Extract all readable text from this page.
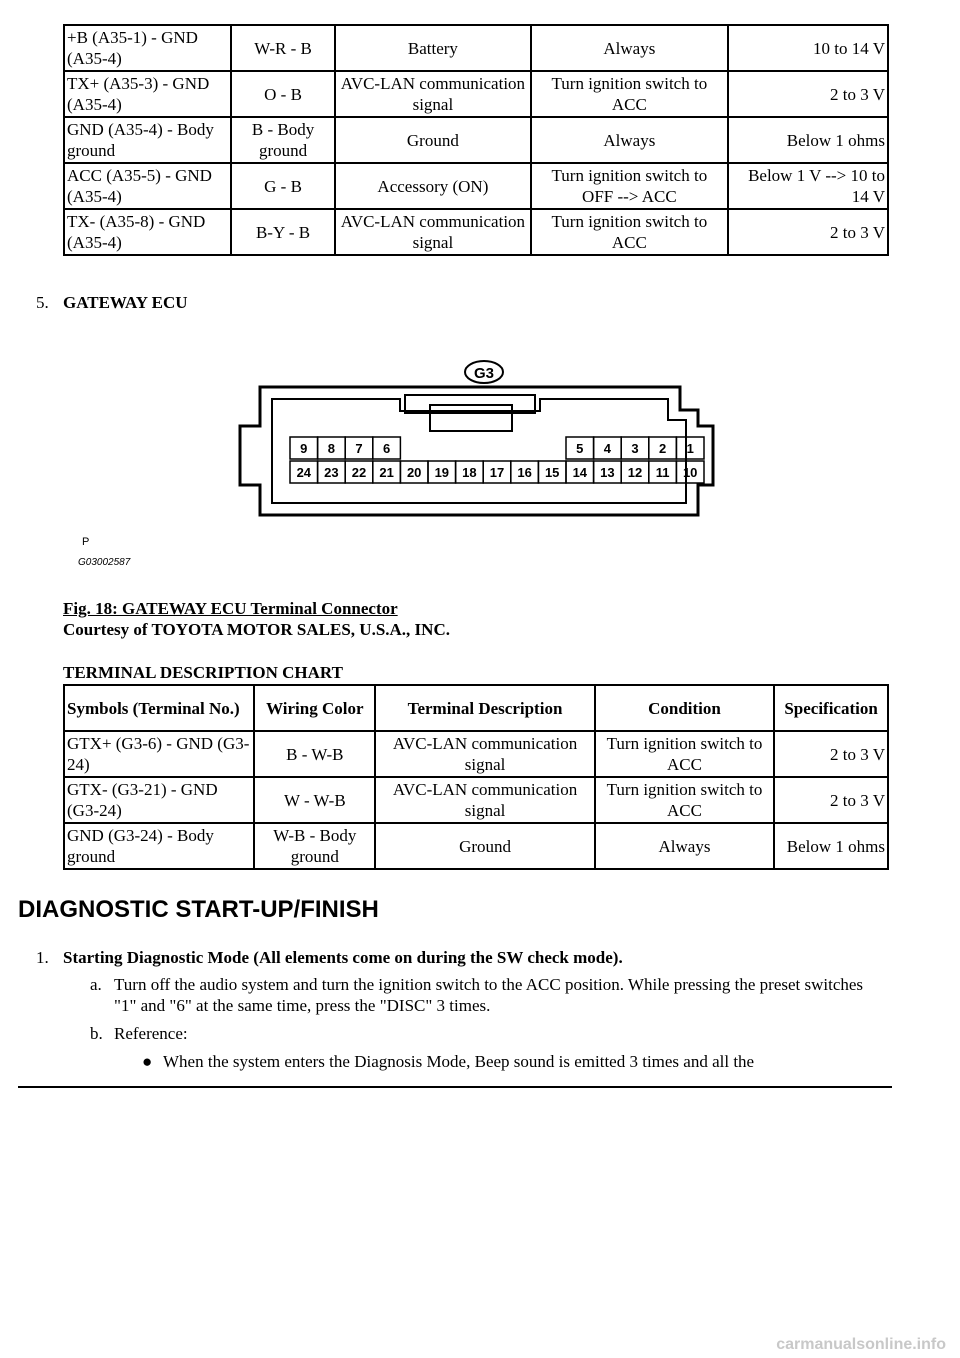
+B (A35-1) - GND (A35-4)	W-R - B	Battery	Always	10 to 14 V
TX+ (A35-3) - GND (A35-4)	O - B	AVC-LAN communication signal	Turn ignition switch to ACC	2 to 3 V
GND (A35-4) - Body ground	B - Body ground	Ground	Always	Below 1 ohms
ACC (A35-5) - GND (A35-4)	G - B	Accessory (ON)	Turn ignition switch to OFF --> ACC	Below 1 V --> 10 to 14 V
TX- (A35-8) - GND (A35-4)	B-Y - B	AVC-LAN communication signal	Turn ignition switch to ACC	2 to 3 V
5. GATEWAY ECU
G3
9 8 7 6	5 4 3 2 1
24 23 22 21 20 19 18 17 16 15 14 13 12 11 10
P
G03002587
Fig. 18: GATEWAY ECU Terminal Connector
Courtesy of TOYOTA MOTOR SALES, U.S.A., INC.
TERMINAL DESCRIPTION CHART
Symbols (Terminal No.)	Wiring Color	Terminal Description	Condition	Specification
GTX+ (G3-6) - GND (G3-24)	B - W-B	AVC-LAN communication signal	Turn ignition switch to ACC	2 to 3 V
GTX- (G3-21) - GND (G3-24)	W - W-B	AVC-LAN communication signal	Turn ignition switch to ACC	2 to 3 V
GND (G3-24) - Body ground	W-B - Body ground	Ground	Always	Below 1 ohms
DIAGNOSTIC START-UP/FINISH
1. Starting Diagnostic Mode (All elements come on during the SW check mode).
a. Turn off the audio system and turn the ignition switch to the ACC position. While pressing the preset switches "1" and "6" at the same time, press the "DISC" 3 times.
b. Reference:
● When the system enters the Diagnosis Mode, Beep sound is emitted 3 times and all the
carmanualsonline.info
